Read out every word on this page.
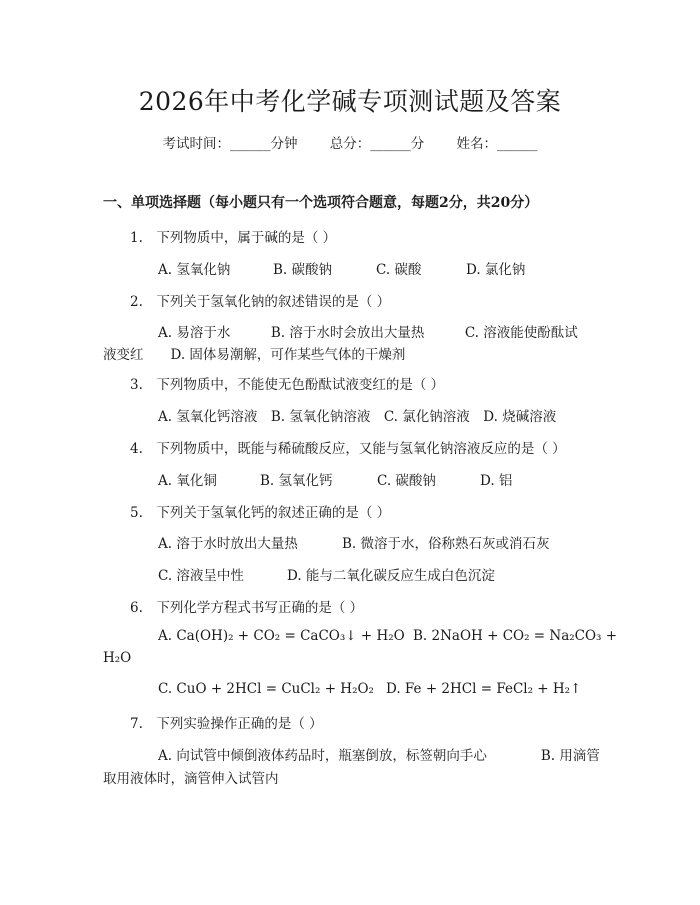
2026年中考化学碱专项测试题及答案
考试时间：______分钟 总分：______分 姓名：______
一、单项选择题（每小题只有一个选项符合题意，每题2分，共20分）
1.　下列物质中，属于碱的是（ ）
A. 氢氧化钠	B. 碳酸钠	C. 碳酸	D. 氯化钠
2.　下列关于氢氧化钠的叙述错误的是（ ）
A. 易溶于水　　　B. 溶于水时会放出大量热　　　C. 溶液能使酚酞试
液变红　　D. 固体易潮解，可作某些气体的干燥剂
3.　下列物质中，不能使无色酚酞试液变红的是（ ）
A. 氢氧化钙溶液　B. 氢氧化钠溶液　C. 氯化钠溶液　D. 烧碱溶液
4.　下列物质中，既能与稀硫酸反应，又能与氢氧化钠溶液反应的是（ ）
A. 氧化铜	B. 氢氧化钙	C. 碳酸钠	D. 铝
5.　下列关于氢氧化钙的叙述正确的是（ ）
A. 溶于水时放出大量热	B. 微溶于水，俗称熟石灰或消石灰
C. 溶液呈中性	D. 能与二氧化碳反应生成白色沉淀
6.　下列化学方程式书写正确的是（ ）
A. Ca(OH)₂ + CO₂ = CaCO₃↓ + H₂O B. 2NaOH + CO₂ = Na₂CO₃ +
H₂O
C. CuO + 2HCl = CuCl₂ + H₂O₂ D. Fe + 2HCl = FeCl₂ + H₂↑
7.　下列实验操作正确的是（ ）
A. 向试管中倾倒液体药品时，瓶塞倒放，标签朝向手心　　　　B. 用滴管
取用液体时，滴管伸入试管内
